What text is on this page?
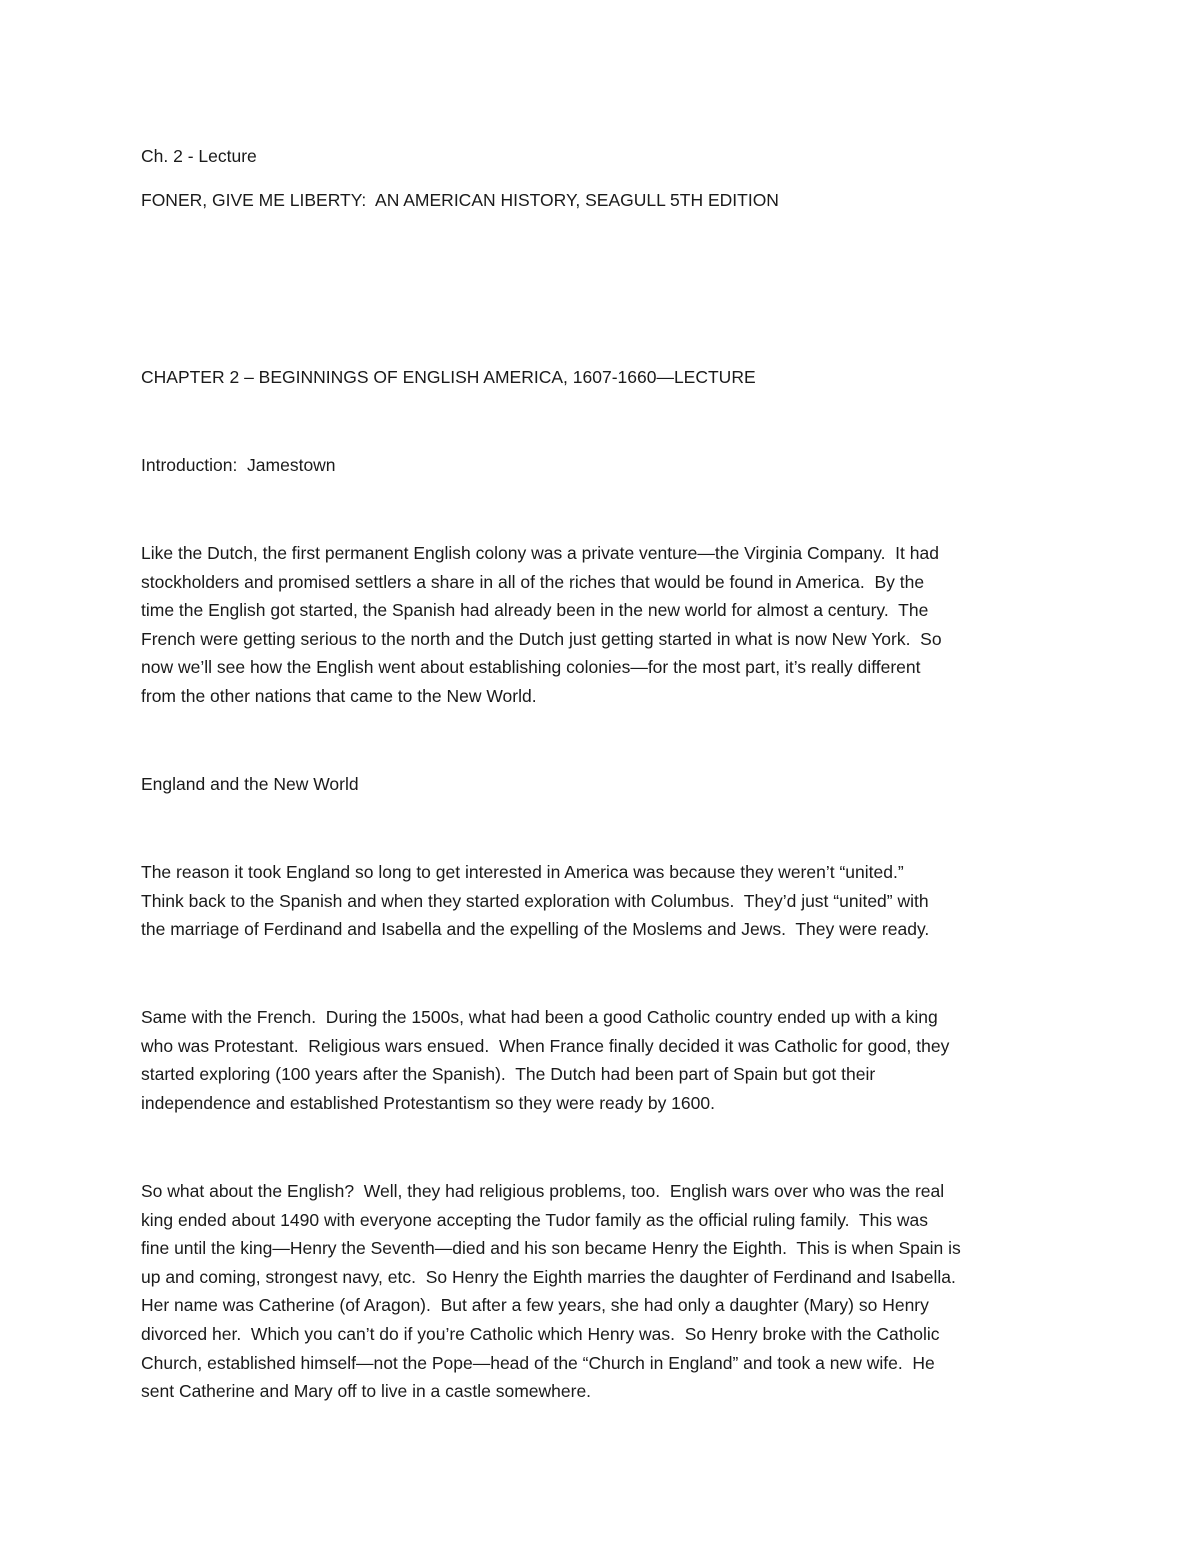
Ch. 2 - Lecture

FONER, GIVE ME LIBERTY:  AN AMERICAN HISTORY, SEAGULL 5TH EDITION

CHAPTER 2 – BEGINNINGS OF ENGLISH AMERICA, 1607-1660—LECTURE

Introduction:  Jamestown

Like the Dutch, the first permanent English colony was a private venture—the Virginia Company.  It had
stockholders and promised settlers a share in all of the riches that would be found in America.  By the
time the English got started, the Spanish had already been in the new world for almost a century.  The
French were getting serious to the north and the Dutch just getting started in what is now New York.  So
now we’ll see how the English went about establishing colonies—for the most part, it’s really different
from the other nations that came to the New World.

England and the New World

The reason it took England so long to get interested in America was because they weren’t “united.”
Think back to the Spanish and when they started exploration with Columbus.  They’d just “united” with
the marriage of Ferdinand and Isabella and the expelling of the Moslems and Jews.  They were ready.
Same with the French.  During the 1500s, what had been a good Catholic country ended up with a king
who was Protestant.  Religious wars ensued.  When France finally decided it was Catholic for good, they
started exploring (100 years after the Spanish).  The Dutch had been part of Spain but got their
independence and established Protestantism so they were ready by 1600.
So what about the English?  Well, they had religious problems, too.  English wars over who was the real
king ended about 1490 with everyone accepting the Tudor family as the official ruling family.  This was
fine until the king—Henry the Seventh—died and his son became Henry the Eighth.  This is when Spain is
up and coming, strongest navy, etc.  So Henry the Eighth marries the daughter of Ferdinand and Isabella.
Her name was Catherine (of Aragon).  But after a few years, she had only a daughter (Mary) so Henry
divorced her.  Which you can’t do if you’re Catholic which Henry was.  So Henry broke with the Catholic
Church, established himself—not the Pope—head of the “Church in England” and took a new wife.  He
sent Catherine and Mary off to live in a castle somewhere.
